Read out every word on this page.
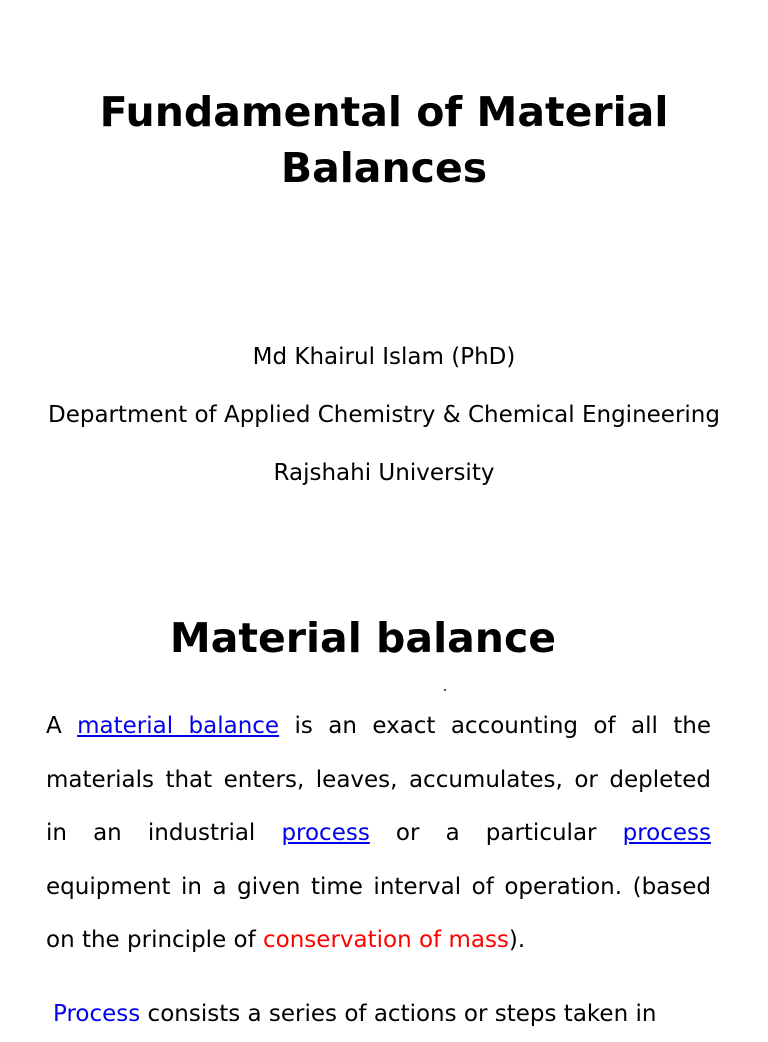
Fundamental of Material Balances
Md Khairul Islam (PhD)
Department of Applied Chemistry & Chemical Engineering
Rajshahi University
Material balance

A material balance is an exact accounting of all the materials that enters, leaves, accumulates, or depleted in an industrial process or a particular process equipment in a given time interval of operation. (based on the principle of conservation of mass).

Process consists a series of actions or steps taken in
